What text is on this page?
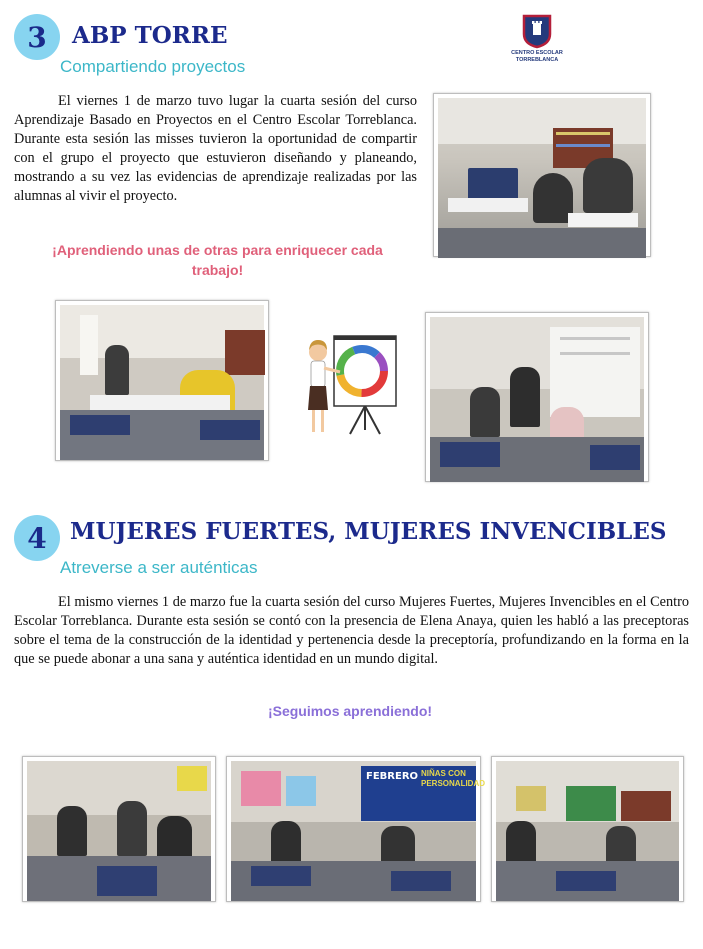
3 ABP TORRE
Compartiendo proyectos
CENTRO ESCOLAR
TORREBLANCA
El viernes 1 de marzo tuvo lugar la cuarta sesión del curso Aprendizaje Basado en Proyectos en el Centro Escolar Torreblanca. Durante esta sesión las misses tuvieron la oportunidad de compartir con el grupo el proyecto que estuvieron diseñando y planeando, mostrando a su vez las evidencias de aprendizaje realizadas por las alumnas al vivir el proyecto.
¡Aprendiendo unas de otras para enriquecer cada trabajo!
4 MUJERES FUERTES, MUJERES INVENCIBLES
Atreverse a ser auténticas
El mismo viernes 1 de marzo fue la cuarta sesión del curso Mujeres Fuertes, Mujeres Invencibles en el Centro Escolar Torreblanca. Durante esta sesión se contó con la presencia de Elena Anaya, quien les habló a las preceptoras sobre el tema de la construcción de la identidad y pertenencia desde la preceptoría, profundizando en la forma en la que se puede abonar a una sana y auténtica identidad en un mundo digital.
¡Seguimos aprendiendo!
FEBRERO NIÑAS CON PERSONALIDAD
